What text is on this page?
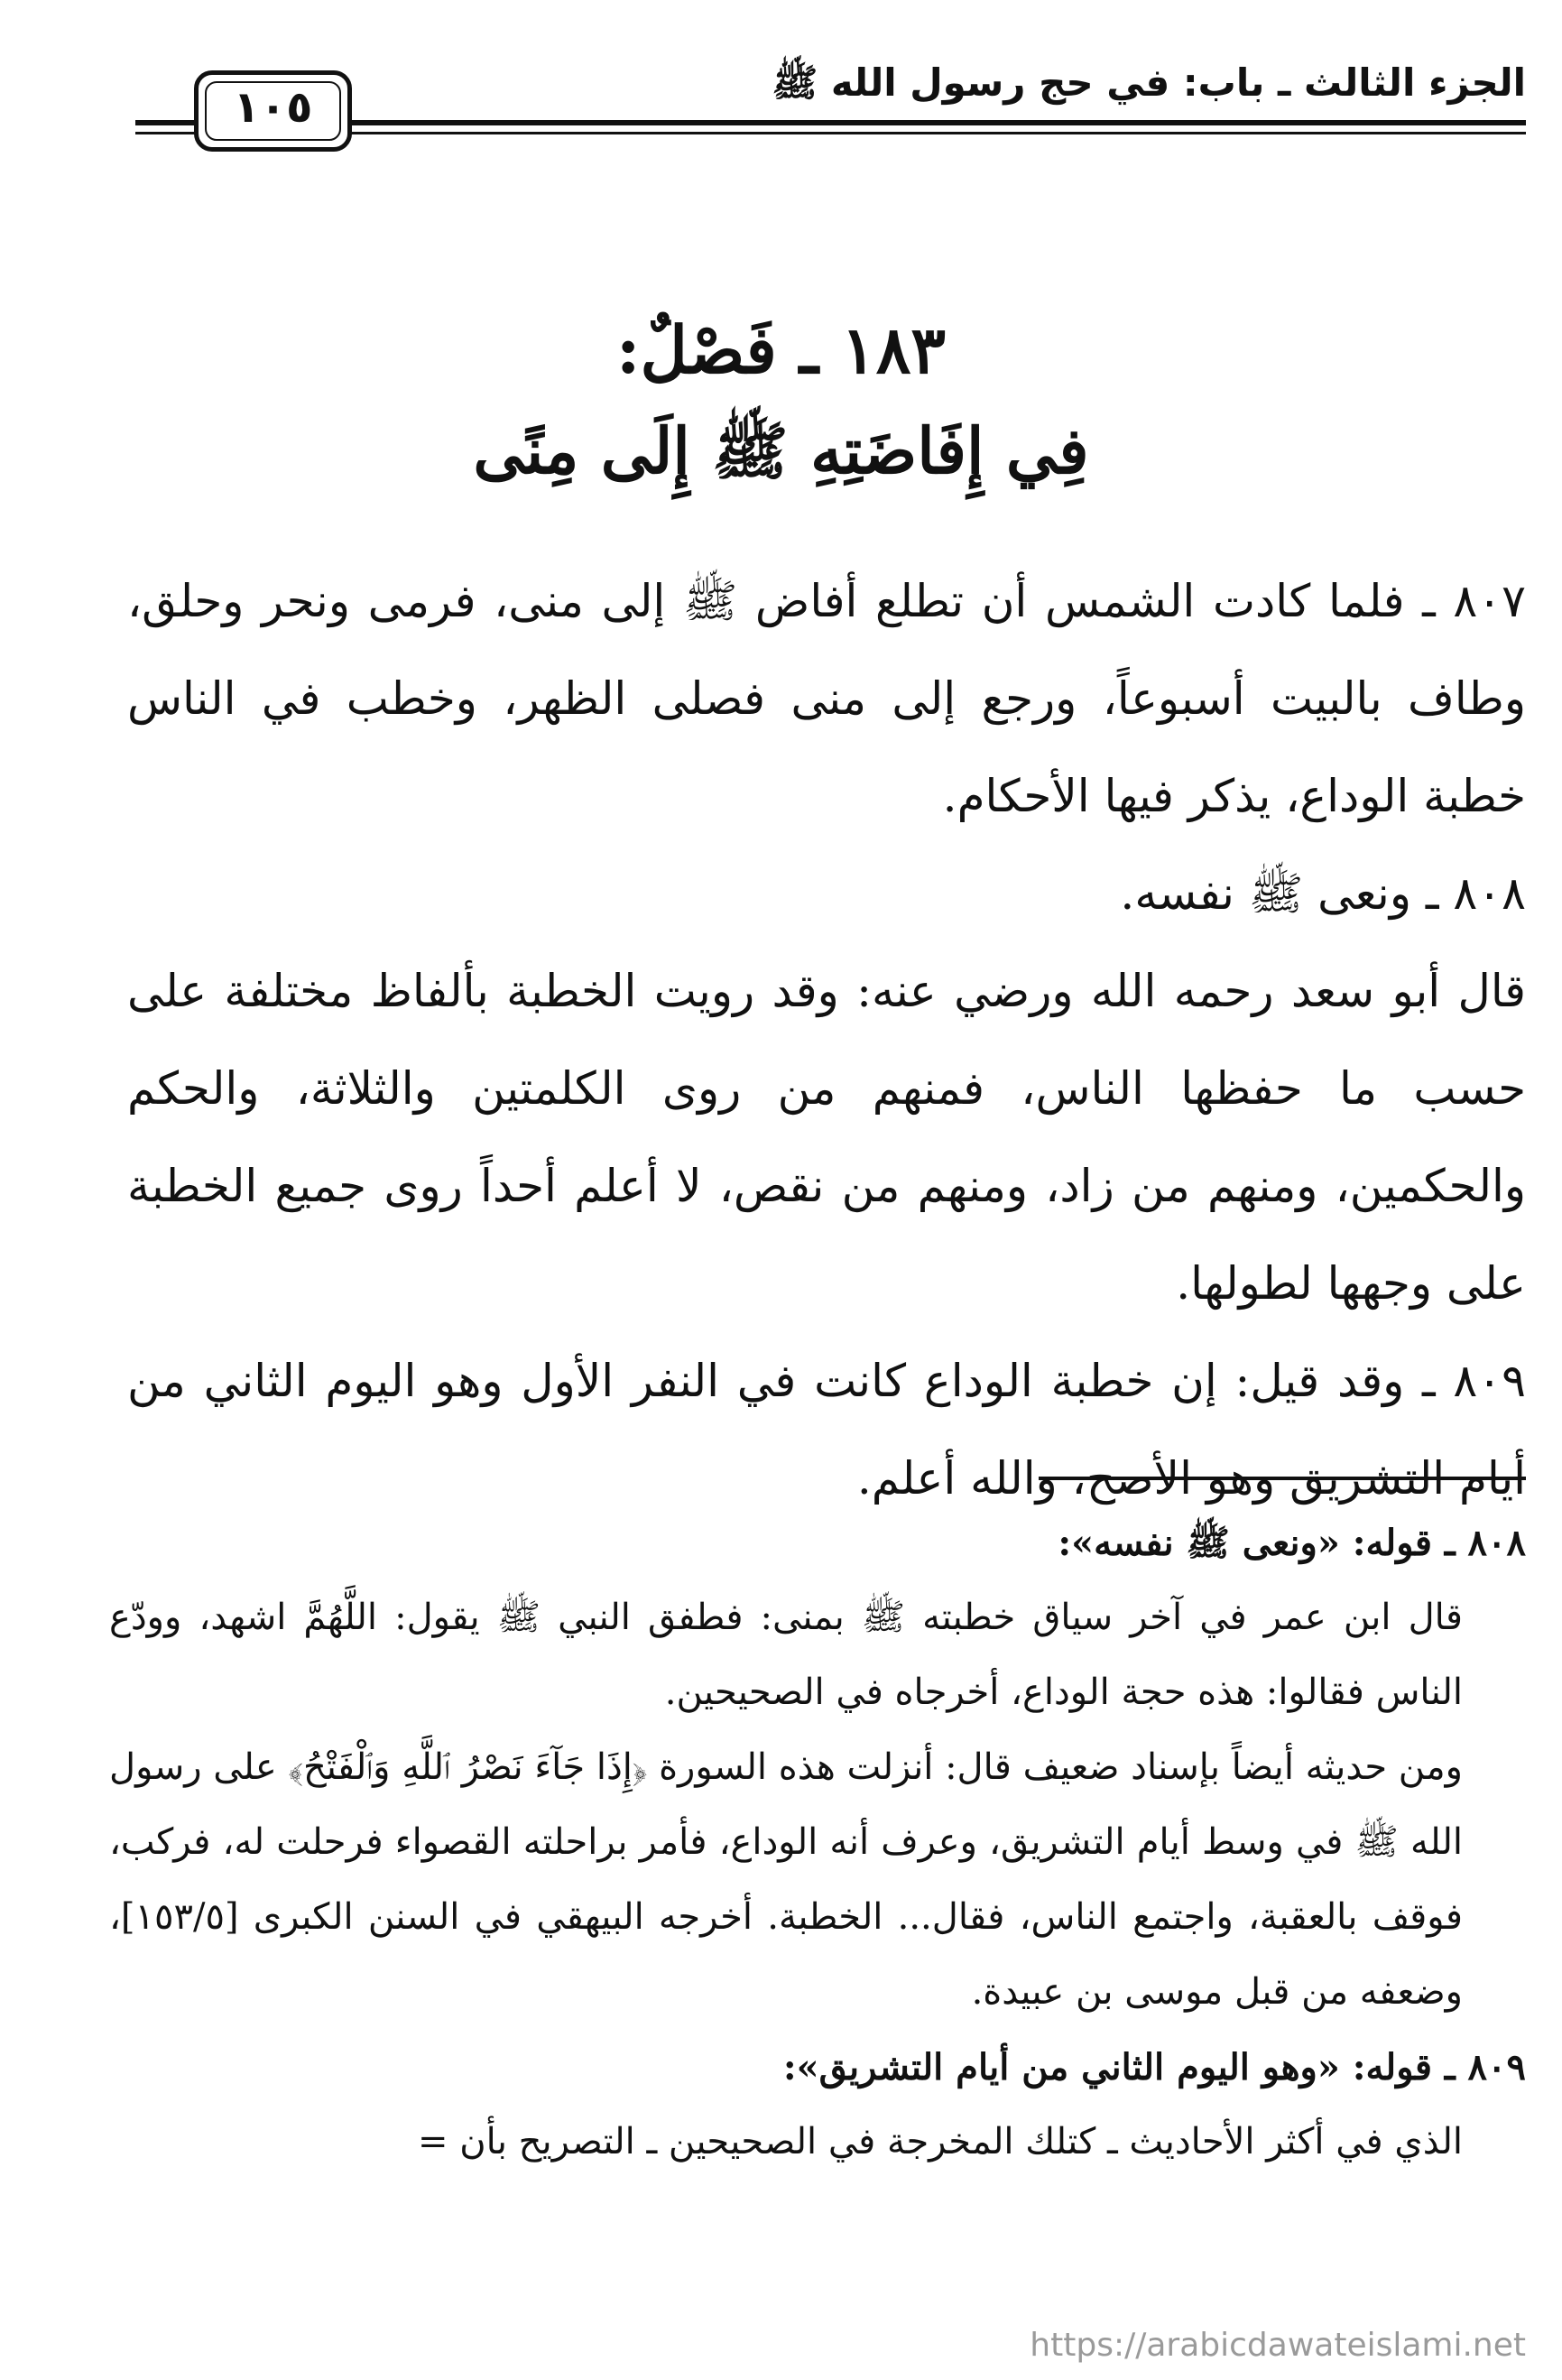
الجزء الثالث ـ باب: في حج رسول الله ﷺ
١٠٥
١٨٣ ـ فَصْلٌ:
فِي إِفَاضَتِهِ ﷺ إِلَى مِنًى

٨٠٧ ـ فلما كادت الشمس أن تطلع أفاض ﷺ إلى منى، فرمى ونحر وحلق، وطاف بالبيت أسبوعاً، ورجع إلى منى فصلى الظهر، وخطب في الناس خطبة الوداع، يذكر فيها الأحكام.

٨٠٨ ـ ونعى ﷺ نفسه.

قال أبو سعد رحمه الله ورضي عنه: وقد رويت الخطبة بألفاظ مختلفة على حسب ما حفظها الناس، فمنهم من روى الكلمتين والثلاثة، والحكم والحكمين، ومنهم من زاد، ومنهم من نقص، لا أعلم أحداً روى جميع الخطبة على وجهها لطولها.

٨٠٩ ـ وقد قيل: إن خطبة الوداع كانت في النفر الأول وهو اليوم الثاني من أيام التشريق وهو الأصح، والله أعلم.

٨٠٨ ـ قوله: «ونعى ﷺ نفسه»:

قال ابن عمر في آخر سياق خطبته ﷺ بمنى: فطفق النبي ﷺ يقول: اللَّهُمَّ اشهد، وودّع الناس فقالوا: هذه حجة الوداع، أخرجاه في الصحيحين.

ومن حديثه أيضاً بإسناد ضعيف قال: أنزلت هذه السورة ﴿إِذَا جَآءَ نَصْرُ ٱللَّهِ وَٱلْفَتْحُ﴾ على رسول الله ﷺ في وسط أيام التشريق، وعرف أنه الوداع، فأمر براحلته القصواء فرحلت له، فركب، فوقف بالعقبة، واجتمع الناس، فقال... الخطبة. أخرجه البيهقي في السنن الكبرى [١٥٣/٥]، وضعفه من قبل موسى بن عبيدة.

٨٠٩ ـ قوله: «وهو اليوم الثاني من أيام التشريق»:

الذي في أكثر الأحاديث ـ كتلك المخرجة في الصحيحين ـ التصريح بأن =

https://arabicdawateislami.net
